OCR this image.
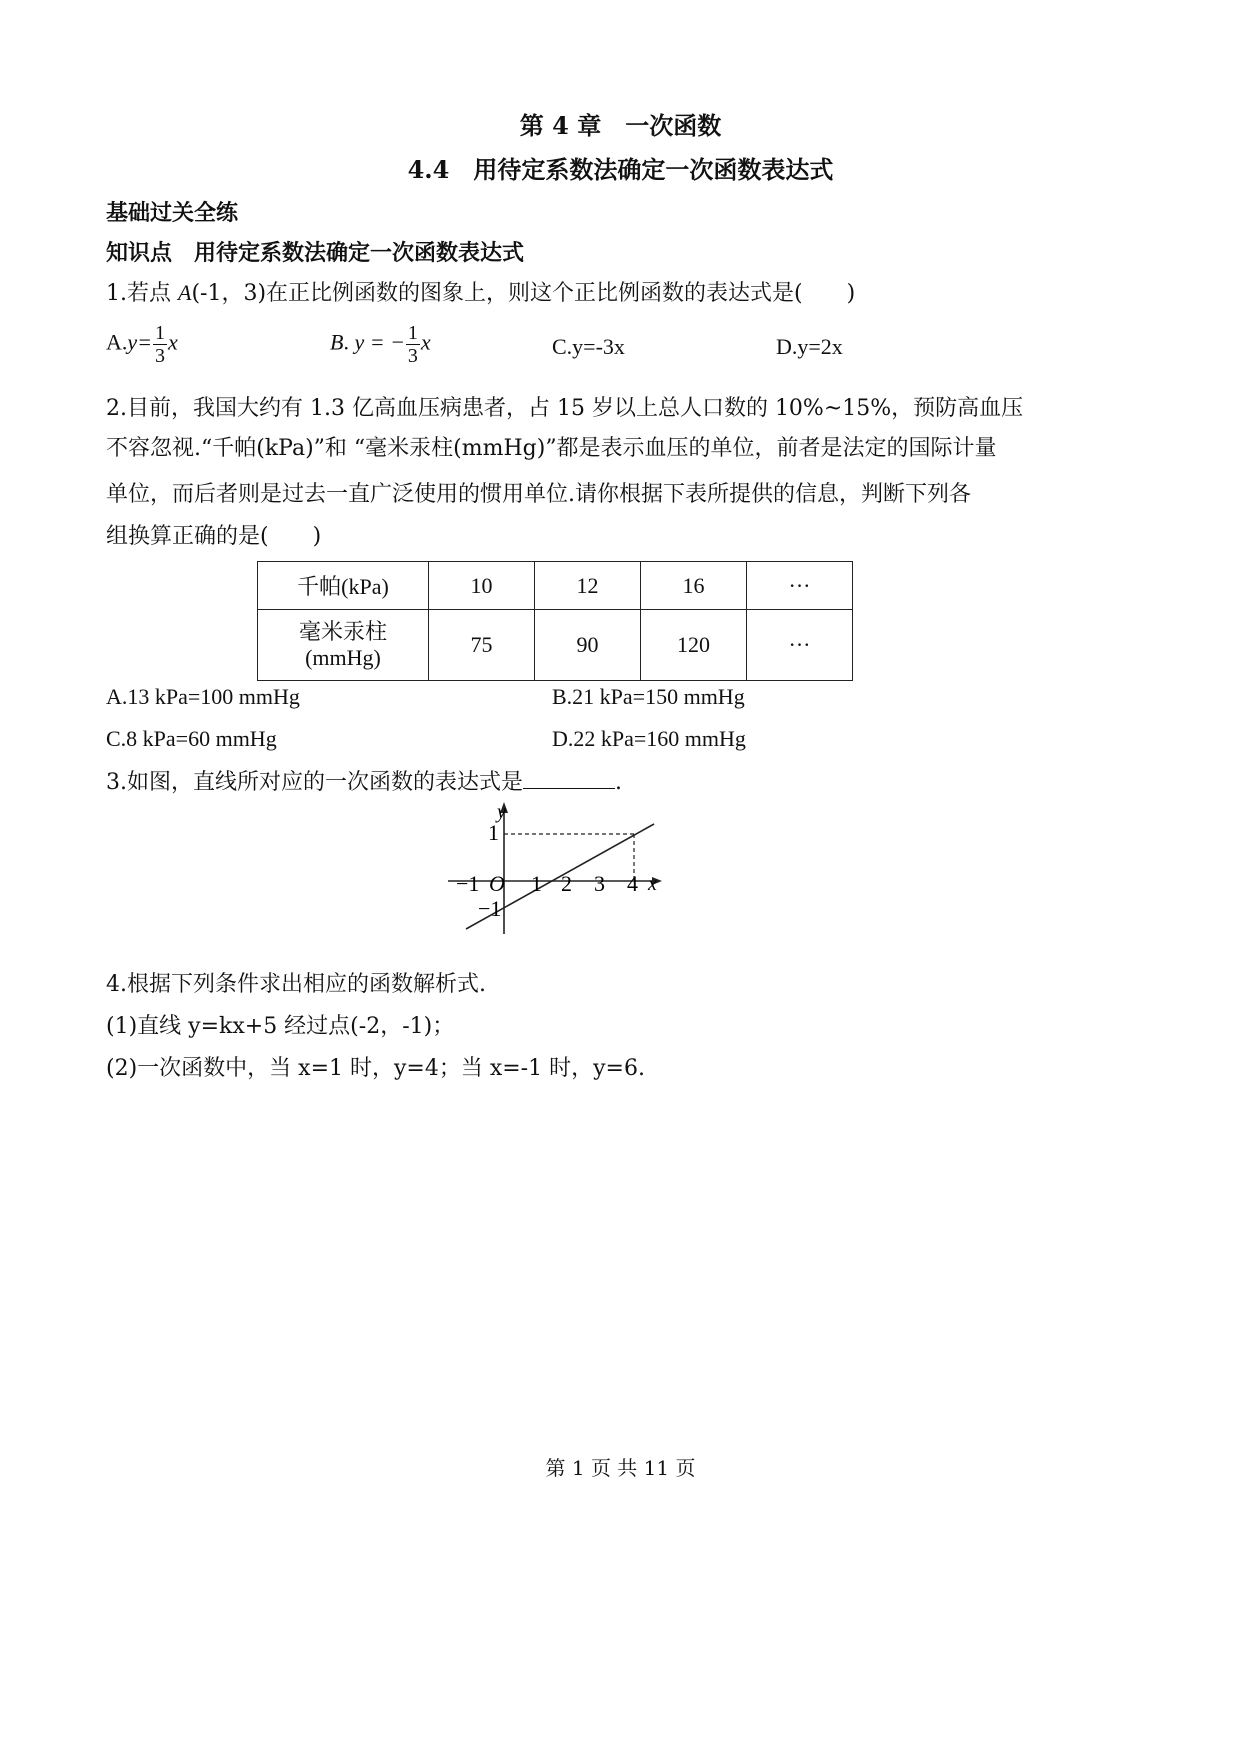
第 4 章　一次函数
4.4　用待定系数法确定一次函数表达式
基础过关全练
知识点　用待定系数法确定一次函数表达式
1.若点 A(-1，3)在正比例函数的图象上，则这个正比例函数的表达式是(　　)
$A.y= \frac{1}{3}$ x	B. y = − $\frac{1}{3}$ x	C.y=-3x	D.y=2x
2.目前，我国大约有 1.3 亿高血压病患者，占 15 岁以上总人口数的 10%~15%，预防高血压
不容忽视.“千帕(kPa)”和 “毫米汞柱(mmHg)”都是表示血压的单位，前者是法定的国际计量
单位，而后者则是过去一直广泛使用的惯用单位.请你根据下表所提供的信息，判断下列各
组换算正确的是(　　)
千帕(kPa)	10	12	16	···

毫米汞柱
(mmHg)	75	90	120	···
A.13 kPa=100 mmHg	B.21 kPa=150 mmHg
C.8 kPa=60 mmHg	D.22 kPa=160 mmHg
3.如图，直线所对应的一次函数的表达式是	.
y
1
x
−1 O 1 2 3 4
−1
4.根据下列条件求出相应的函数解析式.
(1)直线 y=kx+5 经过点(-2，-1)；
(2)一次函数中，当 x=1 时，y=4；当 x=-1 时，y=6.
第 1 页 共 11 页
